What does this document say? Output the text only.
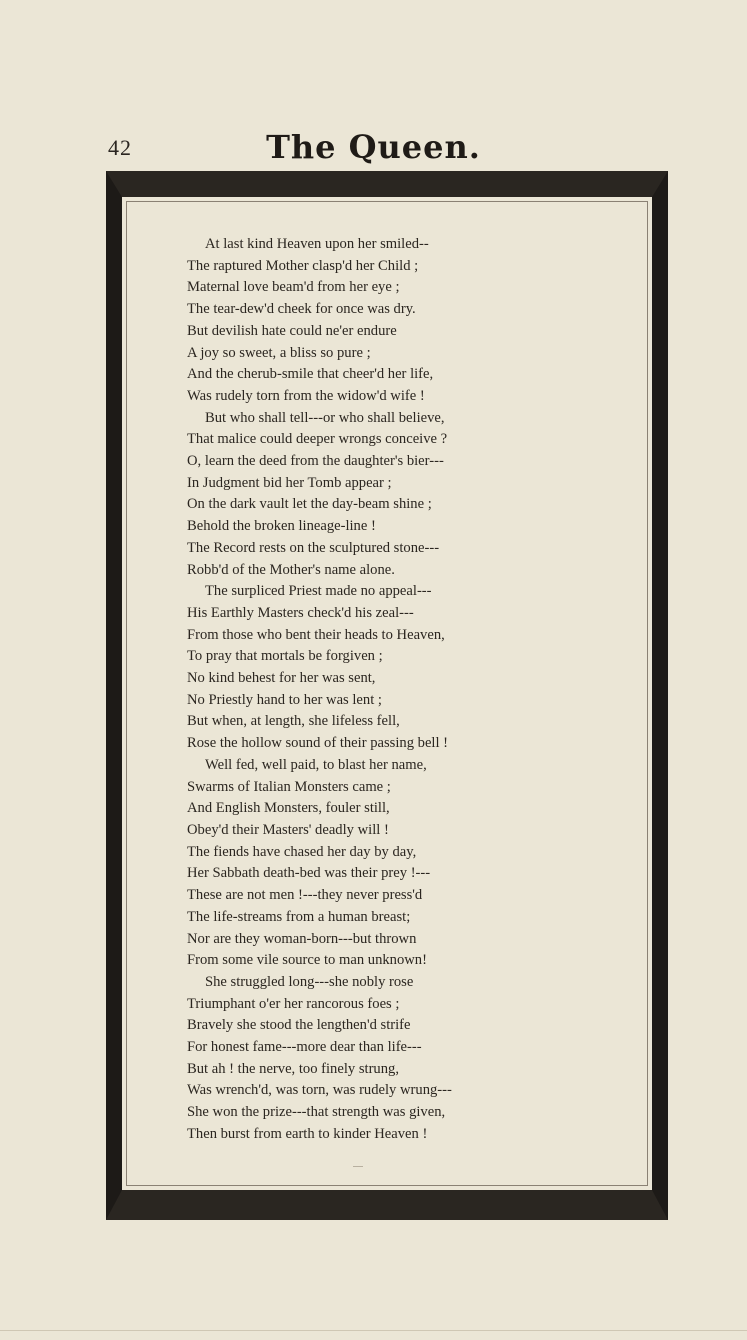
42	The Queen.
At last kind Heaven upon her smiled--
The raptured Mother clasp'd her Child ;
Maternal love beam'd from her eye ;
The tear-dew'd cheek for once was dry.
But devilish hate could ne'er endure
A joy so sweet, a bliss so pure ;
And the cherub-smile that cheer'd her life,
Was rudely torn from the widow'd wife !
But who shall tell---or who shall believe,
That malice could deeper wrongs conceive ?
O, learn the deed from the daughter's bier---
In Judgment bid her Tomb appear ;
On the dark vault let the day-beam shine ;
Behold the broken lineage-line !
The Record rests on the sculptured stone---
Robb'd of the Mother's name alone.
The surpliced Priest made no appeal---
His Earthly Masters check'd his zeal---
From those who bent their heads to Heaven,
To pray that mortals be forgiven ;
No kind behest for her was sent,
No Priestly hand to her was lent ;
But when, at length, she lifeless fell,
Rose the hollow sound of their passing bell !
Well fed, well paid, to blast her name,
Swarms of Italian Monsters came ;
And English Monsters, fouler still,
Obey'd their Masters' deadly will !
The fiends have chased her day by day,
Her Sabbath death-bed was their prey !---
These are not men !---they never press'd
The life-streams from a human breast;
Nor are they woman-born---but thrown
From some vile source to man unknown!
She struggled long---she nobly rose
Triumphant o'er her rancorous foes ;
Bravely she stood the lengthen'd strife
For honest fame---more dear than life---
But ah ! the nerve, too finely strung,
Was wrench'd, was torn, was rudely wrung---
She won the prize---that strength was given,
Then burst from earth to kinder Heaven !
